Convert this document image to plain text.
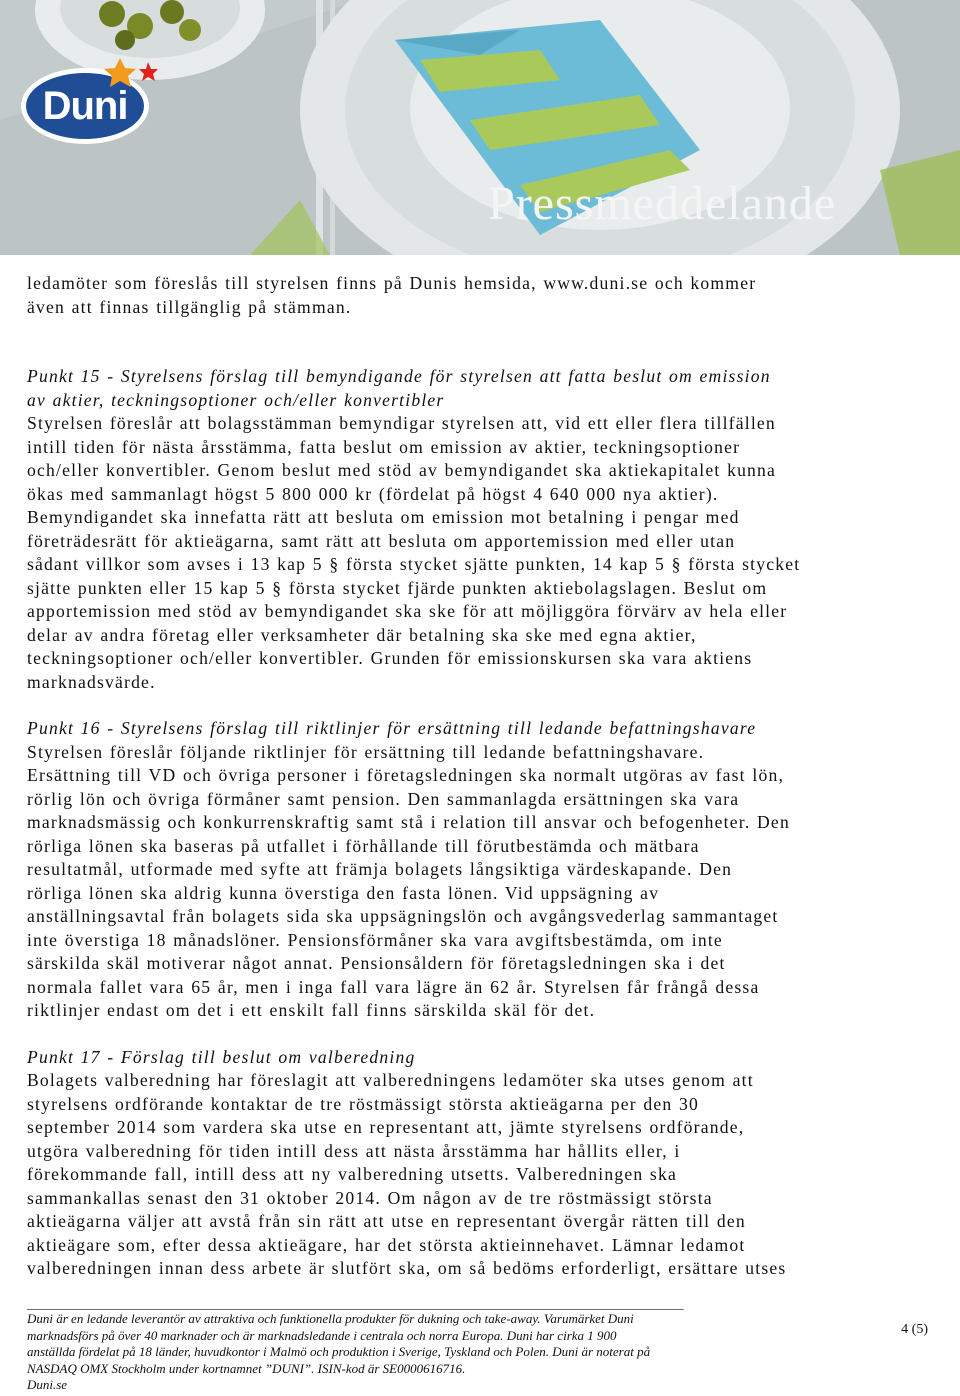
Duni
Pressmeddelande

ledamöter som föreslås till styrelsen finns på Dunis hemsida, www.duni.se och kommer

även att finnas tillgänglig på stämman.

Punkt 15 - Styrelsens förslag till bemyndigande för styrelsen att fatta beslut om emission

av aktier, teckningsoptioner och/eller konvertibler

Styrelsen föreslår att bolagsstämman bemyndigar styrelsen att, vid ett eller flera tillfällen

intill tiden för nästa årsstämma, fatta beslut om emission av aktier, teckningsoptioner

och/eller konvertibler. Genom beslut med stöd av bemyndigandet ska aktiekapitalet kunna

ökas med sammanlagt högst 5 800 000 kr (fördelat på högst 4 640 000 nya aktier).

Bemyndigandet ska innefatta rätt att besluta om emission mot betalning i pengar med

företrädesrätt för aktieägarna, samt rätt att besluta om apportemission med eller utan

sådant villkor som avses i 13 kap 5 § första stycket sjätte punkten, 14 kap 5 § första stycket

sjätte punkten eller 15 kap 5 § första stycket fjärde punkten aktiebolagslagen. Beslut om

apportemission med stöd av bemyndigandet ska ske för att möjliggöra förvärv av hela eller

delar av andra företag eller verksamheter där betalning ska ske med egna aktier,

teckningsoptioner och/eller konvertibler. Grunden för emissionskursen ska vara aktiens

marknadsvärde.

Punkt 16 - Styrelsens förslag till riktlinjer för ersättning till ledande befattningshavare

Styrelsen föreslår följande riktlinjer för ersättning till ledande befattningshavare.

Ersättning till VD och övriga personer i företagsledningen ska normalt utgöras av fast lön,

rörlig lön och övriga förmåner samt pension. Den sammanlagda ersättningen ska vara

marknadsmässig och konkurrenskraftig samt stå i relation till ansvar och befogenheter. Den

rörliga lönen ska baseras på utfallet i förhållande till förutbestämda och mätbara

resultatmål, utformade med syfte att främja bolagets långsiktiga värdeskapande. Den

rörliga lönen ska aldrig kunna överstiga den fasta lönen. Vid uppsägning av

anställningsavtal från bolagets sida ska uppsägningslön och avgångsvederlag sammantaget

inte överstiga 18 månadslöner. Pensionsförmåner ska vara avgiftsbestämda, om inte

särskilda skäl motiverar något annat. Pensionsåldern för företagsledningen ska i det

normala fallet vara 65 år, men i inga fall vara lägre än 62 år. Styrelsen får frångå dessa

riktlinjer endast om det i ett enskilt fall finns särskilda skäl för det.

Punkt 17 - Förslag till beslut om valberedning

Bolagets valberedning har föreslagit att valberedningens ledamöter ska utses genom att

styrelsens ordförande kontaktar de tre röstmässigt största aktieägarna per den 30

september 2014 som vardera ska utse en representant att, jämte styrelsens ordförande,

utgöra valberedning för tiden intill dess att nästa årsstämma har hållits eller, i

förekommande fall, intill dess att ny valberedning utsetts. Valberedningen ska

sammankallas senast den 31 oktober 2014. Om någon av de tre röstmässigt största

aktieägarna väljer att avstå från sin rätt att utse en representant övergår rätten till den

aktieägare som, efter dessa aktieägare, har det största aktieinnehavet. Lämnar ledamot

valberedningen innan dess arbete är slutfört ska, om så bedöms erforderligt, ersättare utses

_____________________________________________________________________________________________________
Duni är en ledande leverantör av attraktiva och funktionella produkter för dukning och take-away. Varumärket Duni
marknadsförs på över 40 marknader och är marknadsledande i centrala och norra Europa. Duni har cirka 1 900
anställda fördelat på 18 länder, huvudkontor i Malmö och produktion i Sverige, Tyskland och Polen. Duni är noterat på
NASDAQ OMX Stockholm under kortnamnet ”DUNI”. ISIN-kod är SE0000616716.
Duni.se
4 (5)
